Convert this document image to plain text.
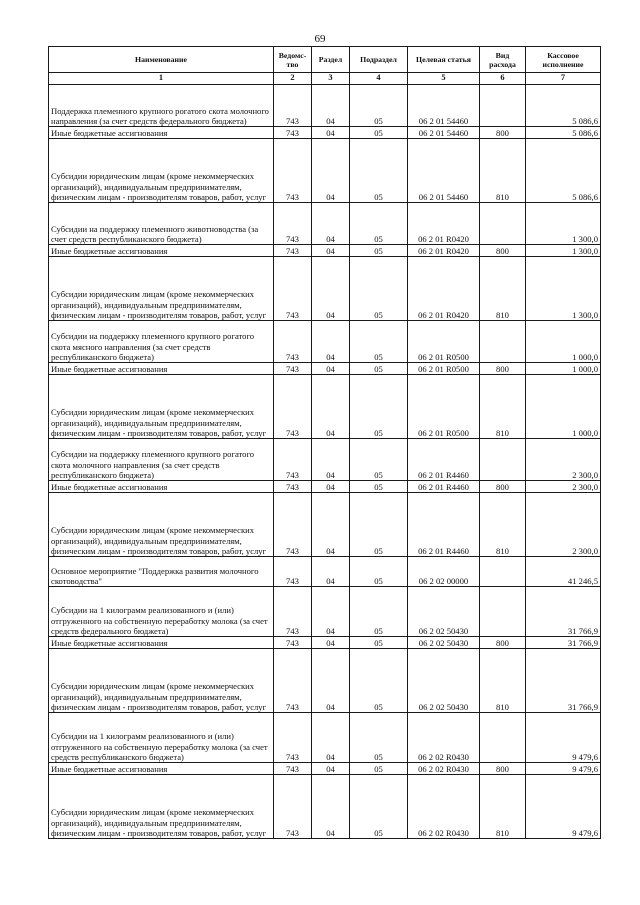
69
Наименование	Ведомс-тво	Раздел	Подраздел	Целевая статья	Вид расхода	Кассовое исполнение
1	2	3	4	5	6	7
Поддержка племенного крупного рогатого скота молочного направления (за счет средств федерального бюджета)	743	04	05	06 2 01 54460		5 086,6
Иные бюджетные ассигнования	743	04	05	06 2 01 54460	800	5 086,6
Субсидии юридическим лицам (кроме некоммерческих организаций), индивидуальным предпринимателям, физическим лицам - производителям товаров, работ, услуг	743	04	05	06 2 01 54460	810	5 086,6
Субсидии на поддержку племенного животноводства (за счет средств республиканского бюджета)	743	04	05	06 2 01 R0420		1 300,0
Иные бюджетные ассигнования	743	04	05	06 2 01 R0420	800	1 300,0
Субсидии юридическим лицам (кроме некоммерческих организаций), индивидуальным предпринимателям, физическим лицам - производителям товаров, работ, услуг	743	04	05	06 2 01 R0420	810	1 300,0
Субсидии на поддержку племенного крупного рогатого скота мясного направления (за счет средств республиканского бюджета)	743	04	05	06 2 01 R0500		1 000,0
Иные бюджетные ассигнования	743	04	05	06 2 01 R0500	800	1 000,0
Субсидии юридическим лицам (кроме некоммерческих организаций), индивидуальным предпринимателям, физическим лицам - производителям товаров, работ, услуг	743	04	05	06 2 01 R0500	810	1 000,0
Субсидии на поддержку племенного крупного рогатого скота молочного направления (за счет средств республиканского бюджета)	743	04	05	06 2 01 R4460		2 300,0
Иные бюджетные ассигнования	743	04	05	06 2 01 R4460	800	2 300,0
Субсидии юридическим лицам (кроме некоммерческих организаций), индивидуальным предпринимателям, физическим лицам - производителям товаров, работ, услуг	743	04	05	06 2 01 R4460	810	2 300,0
Основное мероприятие "Поддержка развития молочного скотоводства"	743	04	05	06 2 02 00000		41 246,5
Субсидии на 1 килограмм реализованного и (или) отгруженного на собственную переработку молока (за счет средств федерального бюджета)	743	04	05	06 2 02 50430		31 766,9
Иные бюджетные ассигнования	743	04	05	06 2 02 50430	800	31 766,9
Субсидии юридическим лицам (кроме некоммерческих организаций), индивидуальным предпринимателям, физическим лицам - производителям товаров, работ, услуг	743	04	05	06 2 02 50430	810	31 766,9
Субсидии на 1 килограмм реализованного и (или) отгруженного на собственную переработку молока (за счет средств республиканского бюджета)	743	04	05	06 2 02 R0430		9 479,6
Иные бюджетные ассигнования	743	04	05	06 2 02 R0430	800	9 479,6
Субсидии юридическим лицам (кроме некоммерческих организаций), индивидуальным предпринимателям, физическим лицам - производителям товаров, работ, услуг	743	04	05	06 2 02 R0430	810	9 479,6
